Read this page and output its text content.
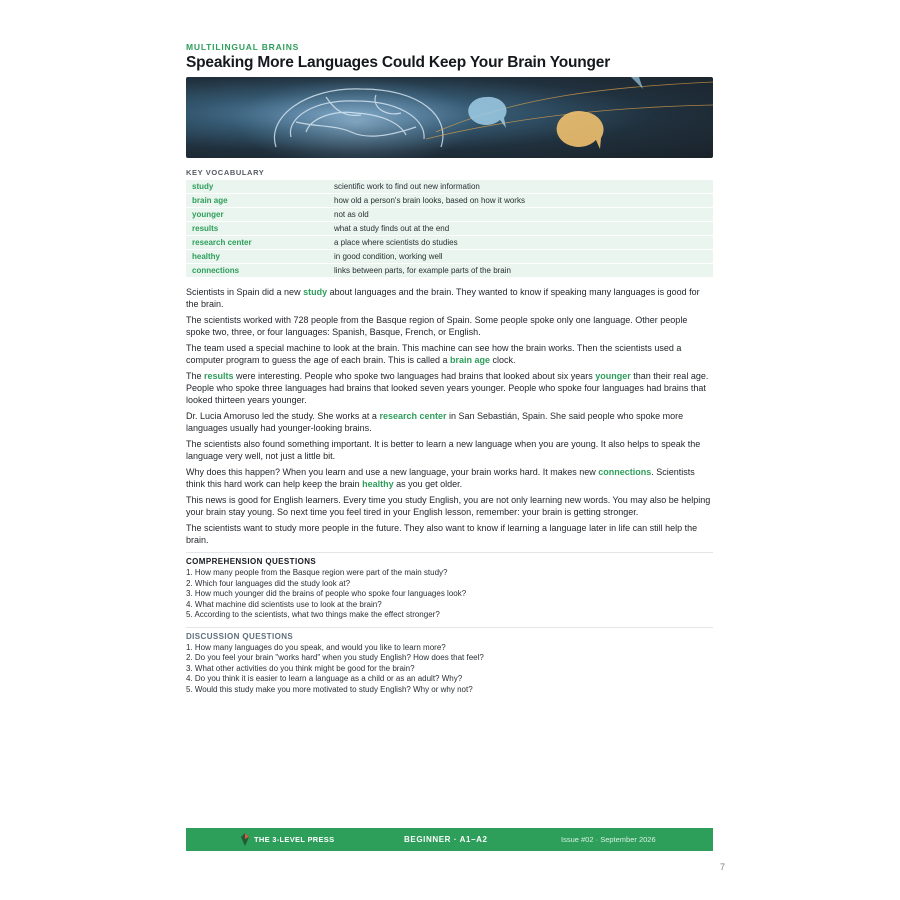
MULTILINGUAL BRAINS
Speaking More Languages Could Keep Your Brain Younger
KEY VOCABULARY
study	scientific work to find out new information
brain age	how old a person's brain looks, based on how it works
younger	not as old
results	what a study finds out at the end
research center	a place where scientists do studies
healthy	in good condition, working well
connections	links between parts, for example parts of the brain

Scientists in Spain did a new study about languages and the brain. They wanted to know if speaking many languages is good for the brain.

The scientists worked with 728 people from the Basque region of Spain. Some people spoke only one language. Other people spoke two, three, or four languages: Spanish, Basque, French, or English.

The team used a special machine to look at the brain. This machine can see how the brain works. Then the scientists used a computer program to guess the age of each brain. This is called a brain age clock.

The results were interesting. People who spoke two languages had brains that looked about six years younger than their real age. People who spoke three languages had brains that looked seven years younger. People who spoke four languages had brains that looked thirteen years younger.

Dr. Lucia Amoruso led the study. She works at a research center in San Sebastián, Spain. She said people who spoke more languages usually had younger-looking brains.

The scientists also found something important. It is better to learn a new language when you are young. It also helps to speak the language very well, not just a little bit.

Why does this happen? When you learn and use a new language, your brain works hard. It makes new connections. Scientists think this hard work can help keep the brain healthy as you get older.

This news is good for English learners. Every time you study English, you are not only learning new words. You may also be helping your brain stay young. So next time you feel tired in your English lesson, remember: your brain is getting stronger.

The scientists want to study more people in the future. They also want to know if learning a language later in life can still help the brain.

COMPREHENSION QUESTIONS
1. How many people from the Basque region were part of the main study?
2. Which four languages did the study look at?
3. How much younger did the brains of people who spoke four languages look?
4. What machine did scientists use to look at the brain?
5. According to the scientists, what two things make the effect stronger?
DISCUSSION QUESTIONS
1. How many languages do you speak, and would you like to learn more?
2. Do you feel your brain "works hard" when you study English? How does that feel?
3. What other activities do you think might be good for the brain?
4. Do you think it is easier to learn a language as a child or as an adult? Why?
5. Would this study make you more motivated to study English? Why or why not?
THE 3-LEVEL PRESS	BEGINNER · A1–A2	Issue #02 · September 2026
7
